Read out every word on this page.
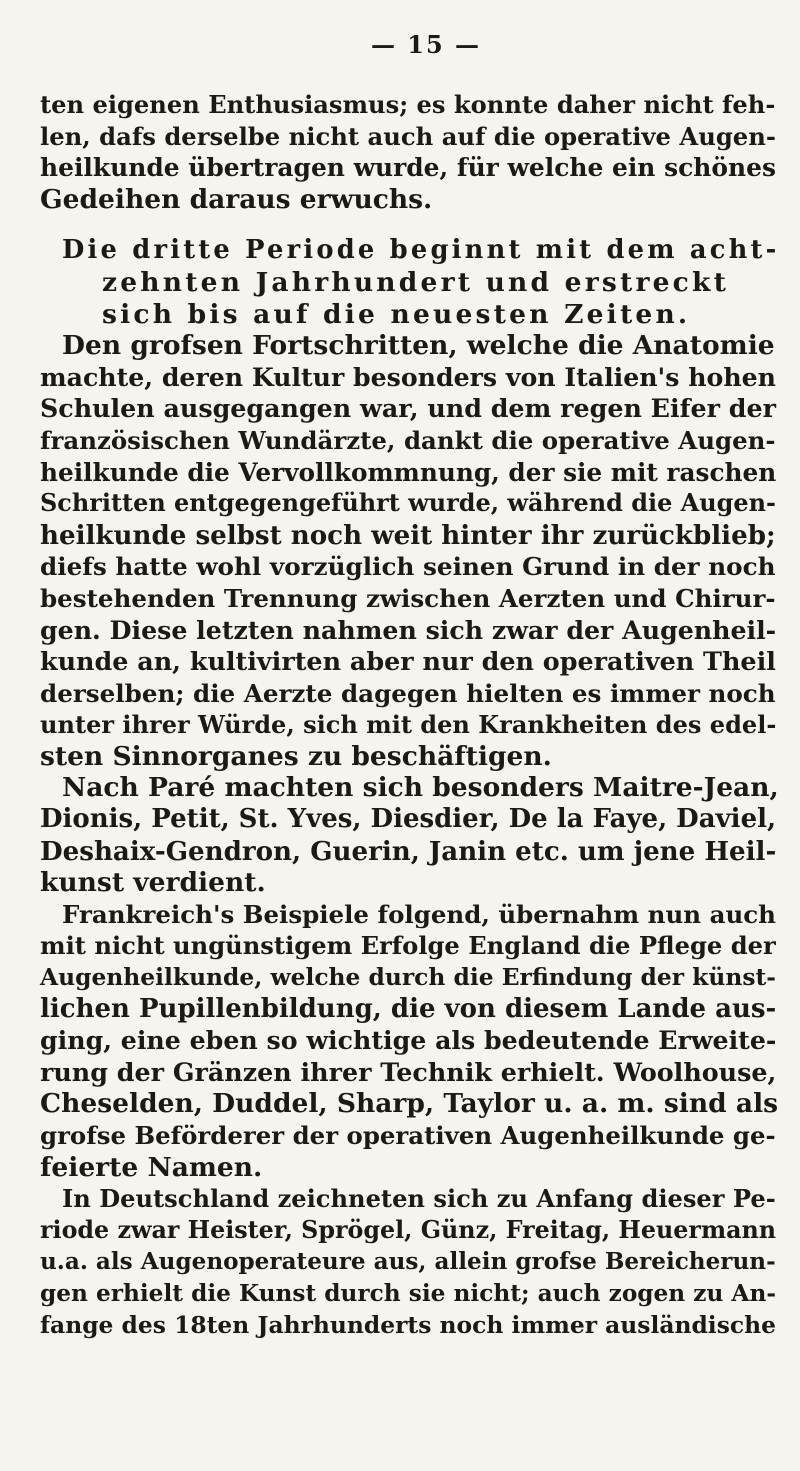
— 15 —
ten eigenen Enthusiasmus; es konnte daher nicht feh-
len, dafs derselbe nicht auch auf die operative Augen-
heilkunde übertragen wurde, für welche ein schönes
Gedeihen daraus erwuchs.
Die dritte Periode beginnt mit dem acht-
zehnten Jahrhundert und erstreckt
sich bis auf die neuesten Zeiten.
Den grofsen Fortschritten, welche die Anatomie
machte, deren Kultur besonders von Italien's hohen
Schulen ausgegangen war, und dem regen Eifer der
französischen Wundärzte, dankt die operative Augen-
heilkunde die Vervollkommnung, der sie mit raschen
Schritten entgegengeführt wurde, während die Augen-
heilkunde selbst noch weit hinter ihr zurückblieb;
diefs hatte wohl vorzüglich seinen Grund in der noch
bestehenden Trennung zwischen Aerzten und Chirur-
gen. Diese letzten nahmen sich zwar der Augenheil-
kunde an, kultivirten aber nur den operativen Theil
derselben; die Aerzte dagegen hielten es immer noch
unter ihrer Würde, sich mit den Krankheiten des edel-
sten Sinnorganes zu beschäftigen.
Nach Paré machten sich besonders Maitre-Jean,
Dionis, Petit, St. Yves, Diesdier, De la Faye, Daviel,
Deshaix-Gendron, Guerin, Janin etc. um jene Heil-
kunst verdient.
Frankreich's Beispiele folgend, übernahm nun auch
mit nicht ungünstigem Erfolge England die Pflege der
Augenheilkunde, welche durch die Erfindung der künst-
lichen Pupillenbildung, die von diesem Lande aus-
ging, eine eben so wichtige als bedeutende Erweite-
rung der Gränzen ihrer Technik erhielt. Woolhouse,
Cheselden, Duddel, Sharp, Taylor u. a. m. sind als
grofse Beförderer der operativen Augenheilkunde ge-
feierte Namen.
In Deutschland zeichneten sich zu Anfang dieser Pe-
riode zwar Heister, Sprögel, Günz, Freitag, Heuermann
u.a. als Augenoperateure aus, allein grofse Bereicherun-
gen erhielt die Kunst durch sie nicht; auch zogen zu An-
fange des 18ten Jahrhunderts noch immer ausländische
